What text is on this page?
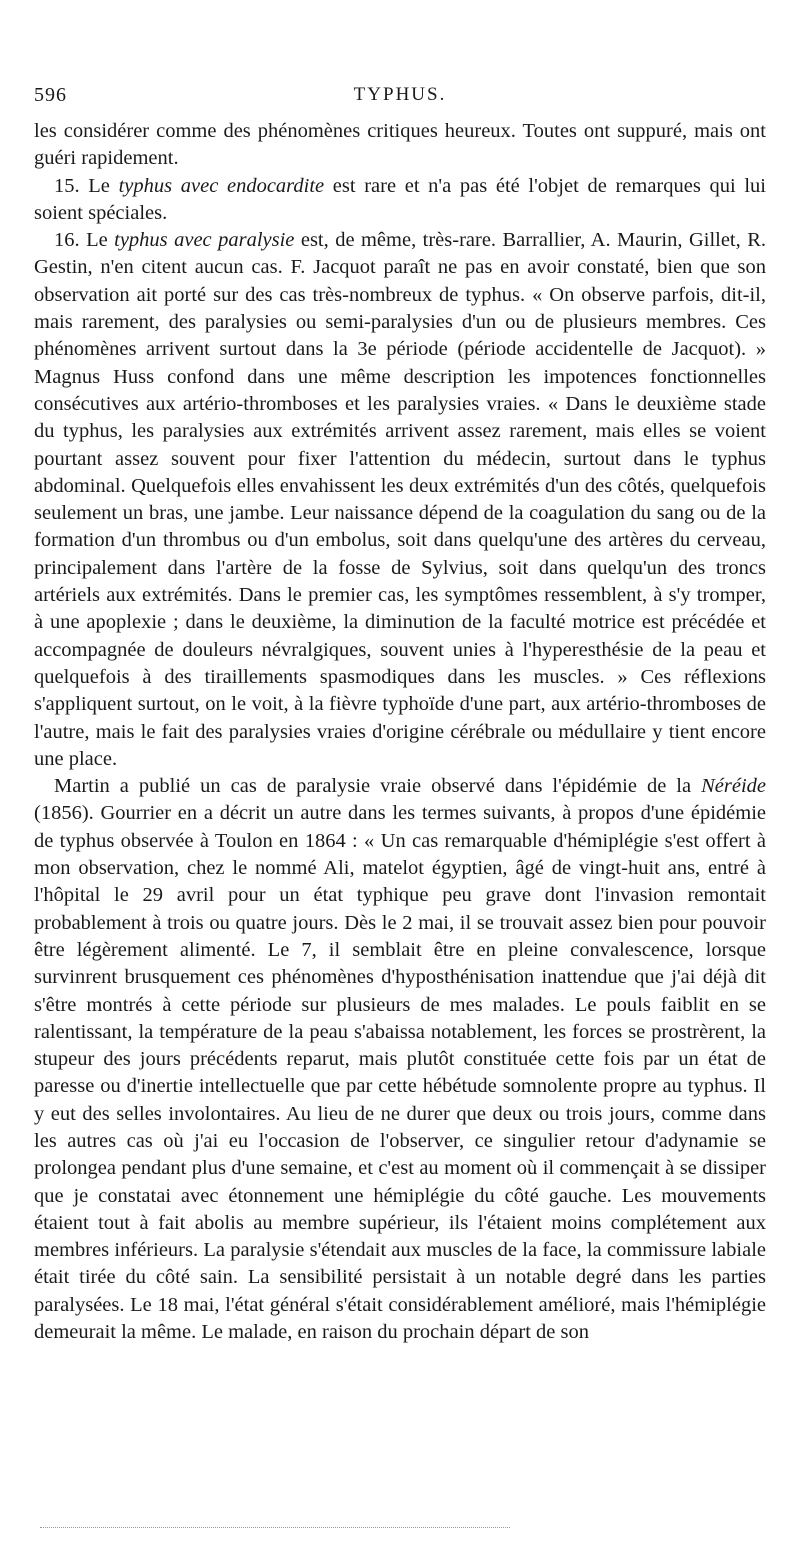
596	TYPHUS.

les considérer comme des phénomènes critiques heureux. Toutes ont suppuré, mais ont guéri rapidement.

15. Le typhus avec endocardite est rare et n'a pas été l'objet de remarques qui lui soient spéciales.

16. Le typhus avec paralysie est, de même, très-rare. Barrallier, A. Maurin, Gillet, R. Gestin, n'en citent aucun cas. F. Jacquot paraît ne pas en avoir constaté, bien que son observation ait porté sur des cas très-nombreux de typhus. « On observe parfois, dit-il, mais rarement, des paralysies ou semi-paralysies d'un ou de plusieurs membres. Ces phénomènes arrivent surtout dans la 3e période (période accidentelle de Jacquot). » Magnus Huss confond dans une même description les impotences fonctionnelles consécutives aux artério-thromboses et les paralysies vraies. « Dans le deuxième stade du typhus, les paralysies aux extrémités arrivent assez rarement, mais elles se voient pourtant assez souvent pour fixer l'attention du médecin, surtout dans le typhus abdominal. Quelquefois elles envahissent les deux extrémités d'un des côtés, quelquefois seulement un bras, une jambe. Leur naissance dépend de la coagulation du sang ou de la formation d'un thrombus ou d'un embolus, soit dans quelqu'une des artères du cerveau, principalement dans l'artère de la fosse de Sylvius, soit dans quelqu'un des troncs artériels aux extrémités. Dans le premier cas, les symptômes ressemblent, à s'y tromper, à une apoplexie ; dans le deuxième, la diminution de la faculté motrice est précédée et accompagnée de douleurs névralgiques, souvent unies à l'hyperesthésie de la peau et quelquefois à des tiraillements spasmodiques dans les muscles. » Ces réflexions s'appliquent surtout, on le voit, à la fièvre typhoïde d'une part, aux artério-thromboses de l'autre, mais le fait des paralysies vraies d'origine cérébrale ou médullaire y tient encore une place.

Martin a publié un cas de paralysie vraie observé dans l'épidémie de la Néréide (1856). Gourrier en a décrit un autre dans les termes suivants, à propos d'une épidémie de typhus observée à Toulon en 1864 : « Un cas remarquable d'hémiplégie s'est offert à mon observation, chez le nommé Ali, matelot égyptien, âgé de vingt-huit ans, entré à l'hôpital le 29 avril pour un état typhique peu grave dont l'invasion remontait probablement à trois ou quatre jours. Dès le 2 mai, il se trouvait assez bien pour pouvoir être légèrement alimenté. Le 7, il semblait être en pleine convalescence, lorsque survinrent brusquement ces phénomènes d'hyposthénisation inattendue que j'ai déjà dit s'être montrés à cette période sur plusieurs de mes malades. Le pouls faiblit en se ralentissant, la température de la peau s'abaissa notablement, les forces se prostrèrent, la stupeur des jours précédents reparut, mais plutôt constituée cette fois par un état de paresse ou d'inertie intellectuelle que par cette hébétude somnolente propre au typhus. Il y eut des selles involontaires. Au lieu de ne durer que deux ou trois jours, comme dans les autres cas où j'ai eu l'occasion de l'observer, ce singulier retour d'adynamie se prolongea pendant plus d'une semaine, et c'est au moment où il commençait à se dissiper que je constatai avec étonnement une hémiplégie du côté gauche. Les mouvements étaient tout à fait abolis au membre supérieur, ils l'étaient moins complétement aux membres inférieurs. La paralysie s'étendait aux muscles de la face, la commissure labiale était tirée du côté sain. La sensibilité persistait à un notable degré dans les parties paralysées. Le 18 mai, l'état général s'était considérablement amélioré, mais l'hémiplégie demeurait la même. Le malade, en raison du prochain départ de son
